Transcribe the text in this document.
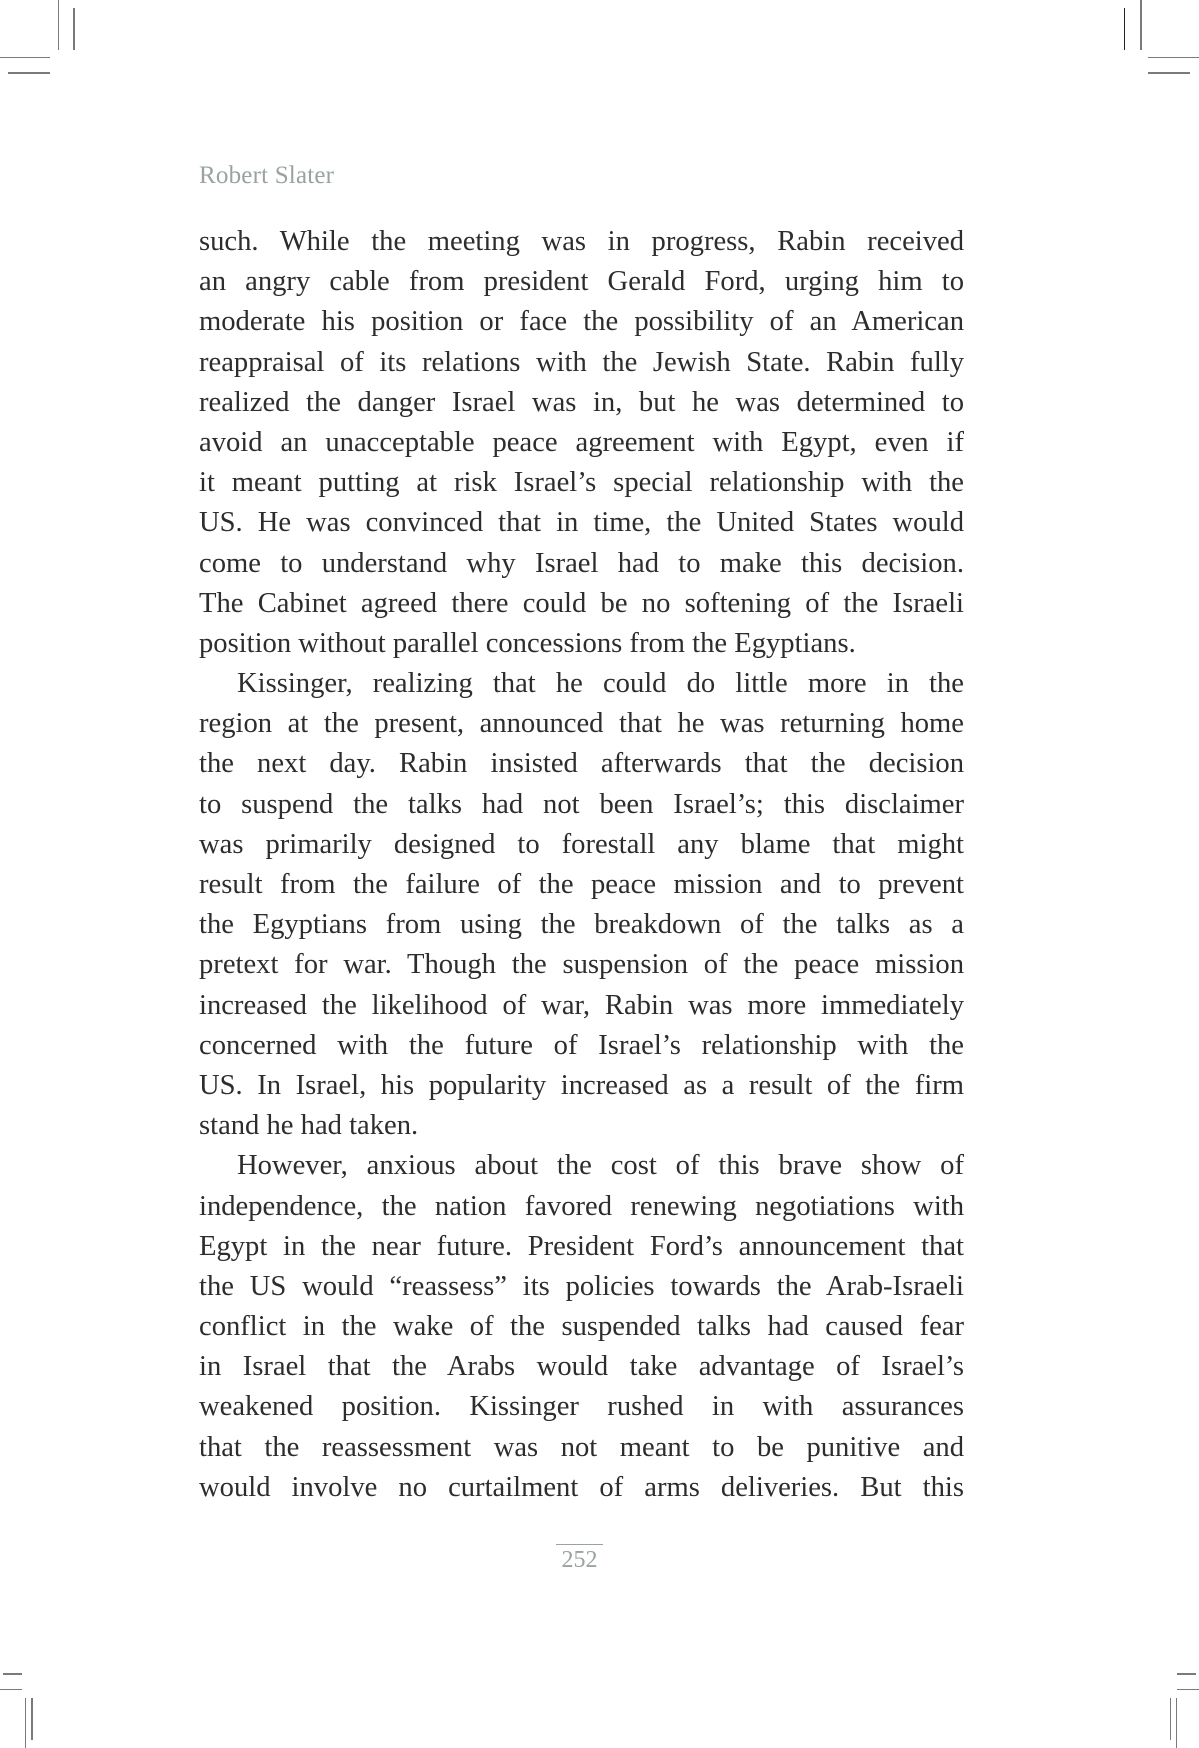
Robert Slater
such. While the meeting was in progress, Rabin received
an angry cable from president Gerald Ford, urging him to
moderate his position or face the possibility of an American
reappraisal of its relations with the Jewish State. Rabin fully
realized the danger Israel was in, but he was determined to
avoid an unacceptable peace agreement with Egypt, even if
it meant putting at risk Israel’s special relationship with the
US. He was convinced that in time, the United States would
come to understand why Israel had to make this decision.
The Cabinet agreed there could be no softening of the Israeli
position without parallel concessions from the Egyptians.
Kissinger, realizing that he could do little more in the
region at the present, announced that he was returning home
the next day. Rabin insisted afterwards that the decision
to suspend the talks had not been Israel’s; this disclaimer
was primarily designed to forestall any blame that might
result from the failure of the peace mission and to prevent
the Egyptians from using the breakdown of the talks as a
pretext for war. Though the suspension of the peace mission
increased the likelihood of war, Rabin was more immediately
concerned with the future of Israel’s relationship with the
US. In Israel, his popularity increased as a result of the firm
stand he had taken.
However, anxious about the cost of this brave show of
independence, the nation favored renewing negotiations with
Egypt in the near future. President Ford’s announcement that
the US would “reassess” its policies towards the Arab-Israeli
conflict in the wake of the suspended talks had caused fear
in Israel that the Arabs would take advantage of Israel’s
weakened position. Kissinger rushed in with assurances
that the reassessment was not meant to be punitive and
would involve no curtailment of arms deliveries. But this
252
